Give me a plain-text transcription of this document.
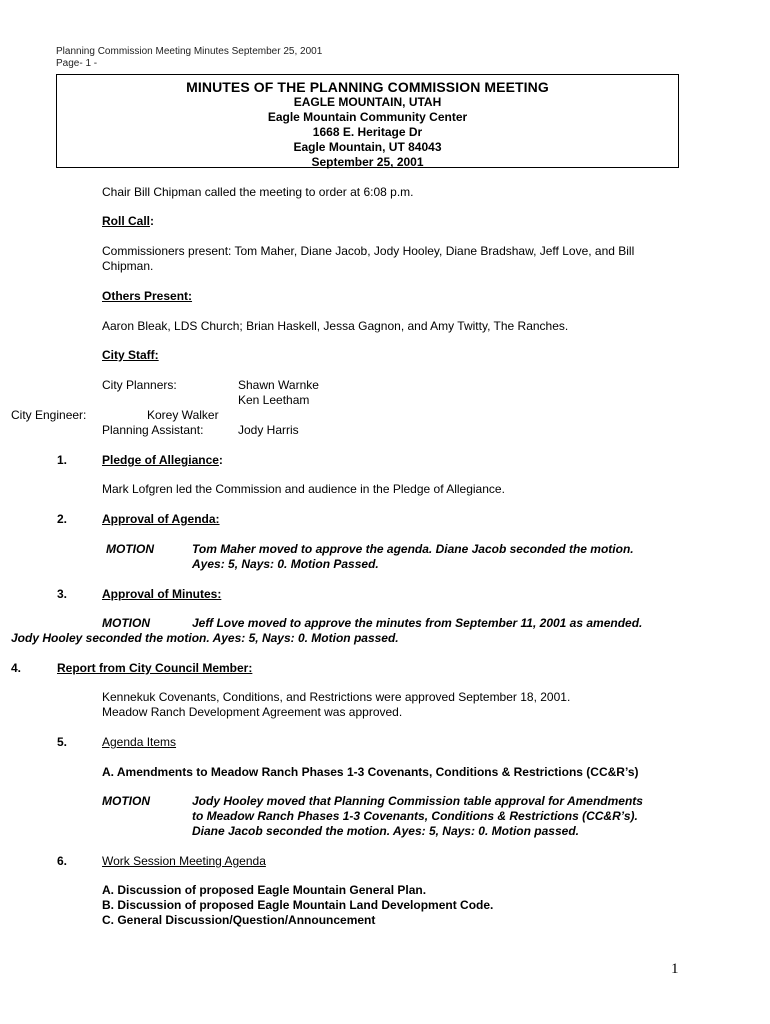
Planning Commission Meeting Minutes September 25, 2001
Page- 1 -
MINUTES OF THE PLANNING COMMISSION MEETING
EAGLE MOUNTAIN, UTAH
Eagle Mountain Community Center
1668 E. Heritage Dr
Eagle Mountain, UT 84043
September 25, 2001
Chair Bill Chipman called the meeting to order at 6:08 p.m.
Roll Call:
Commissioners present: Tom Maher, Diane Jacob, Jody Hooley, Diane Bradshaw, Jeff Love, and Bill
Chipman.
Others Present:
Aaron Bleak, LDS Church; Brian Haskell, Jessa Gagnon, and Amy Twitty, The Ranches.
City Staff:
City Planners:	Shawn Warnke
Ken Leetham
City Engineer:	Korey Walker
Planning Assistant:	Jody Harris
1.	Pledge of Allegiance:
Mark Lofgren led the Commission and audience in the Pledge of Allegiance.
2.	Approval of Agenda:
MOTION	Tom Maher moved to approve the agenda. Diane Jacob seconded the motion.
Ayes: 5, Nays: 0. Motion Passed.
3.	Approval of Minutes:
MOTION	Jeff Love moved to approve the minutes from September 11, 2001 as amended.
Jody Hooley seconded the motion. Ayes: 5, Nays: 0. Motion passed.
4.	Report from City Council Member:
Kennekuk Covenants, Conditions, and Restrictions were approved September 18, 2001.
Meadow Ranch Development Agreement was approved.
5.	Agenda Items
A. Amendments to Meadow Ranch Phases 1-3 Covenants, Conditions & Restrictions (CC&R’s)
MOTION	Jody Hooley moved that Planning Commission table approval for Amendments
to Meadow Ranch Phases 1-3 Covenants, Conditions & Restrictions (CC&R’s).
Diane Jacob seconded the motion. Ayes: 5, Nays: 0. Motion passed.
6.	Work Session Meeting Agenda
A. Discussion of proposed Eagle Mountain General Plan.
B. Discussion of proposed Eagle Mountain Land Development Code.
C. General Discussion/Question/Announcement
1
